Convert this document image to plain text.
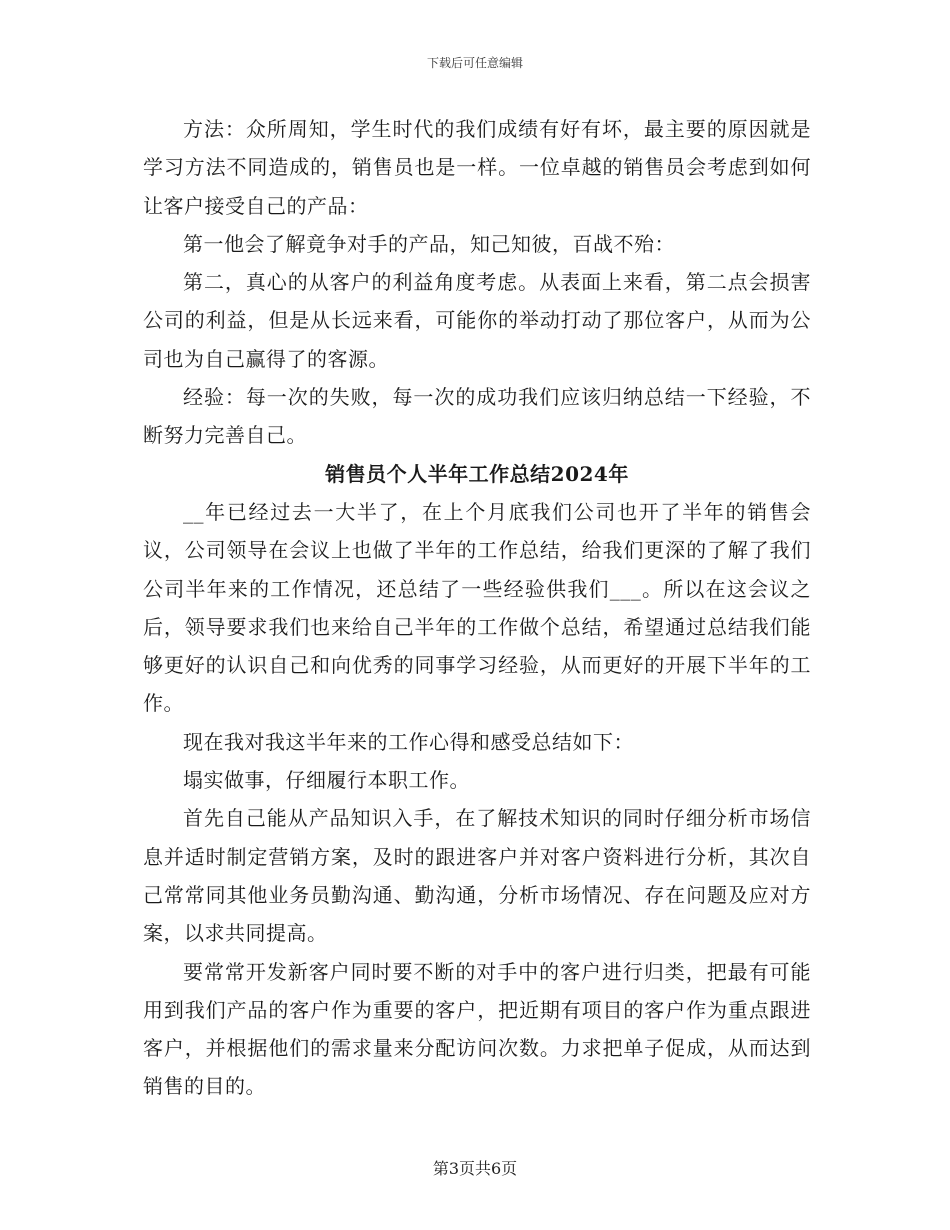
下载后可任意编辑

方法：众所周知，学生时代的我们成绩有好有坏，最主要的原因就是学习方法不同造成的，销售员也是一样。一位卓越的销售员会考虑到如何让客户接受自己的产品：

第一他会了解竟争对手的产品，知己知彼，百战不殆：

第二，真心的从客户的利益角度考虑。从表面上来看，第二点会损害公司的利益，但是从长远来看，可能你的举动打动了那位客户，从而为公司也为自己赢得了的客源。

经验：每一次的失败，每一次的成功我们应该归纳总结一下经验，不断努力完善自己。

销售员个人半年工作总结2024年

__年已经过去一大半了，在上个月底我们公司也开了半年的销售会议，公司领导在会议上也做了半年的工作总结，给我们更深的了解了我们公司半年来的工作情况，还总结了一些经验供我们___。所以在这会议之后，领导要求我们也来给自己半年的工作做个总结，希望通过总结我们能够更好的认识自己和向优秀的同事学习经验，从而更好的开展下半年的工作。

现在我对我这半年来的工作心得和感受总结如下：

塌实做事，仔细履行本职工作。

首先自己能从产品知识入手，在了解技术知识的同时仔细分析市场信息并适时制定营销方案，及时的跟进客户并对客户资料进行分析，其次自己常常同其他业务员勤沟通、勤沟通，分析市场情况、存在问题及应对方案，以求共同提高。

要常常开发新客户同时要不断的对手中的客户进行归类，把最有可能用到我们产品的客户作为重要的客户，把近期有项目的客户作为重点跟进客户，并根据他们的需求量来分配访问次数。力求把单子促成，从而达到销售的目的。

第3页共6页
